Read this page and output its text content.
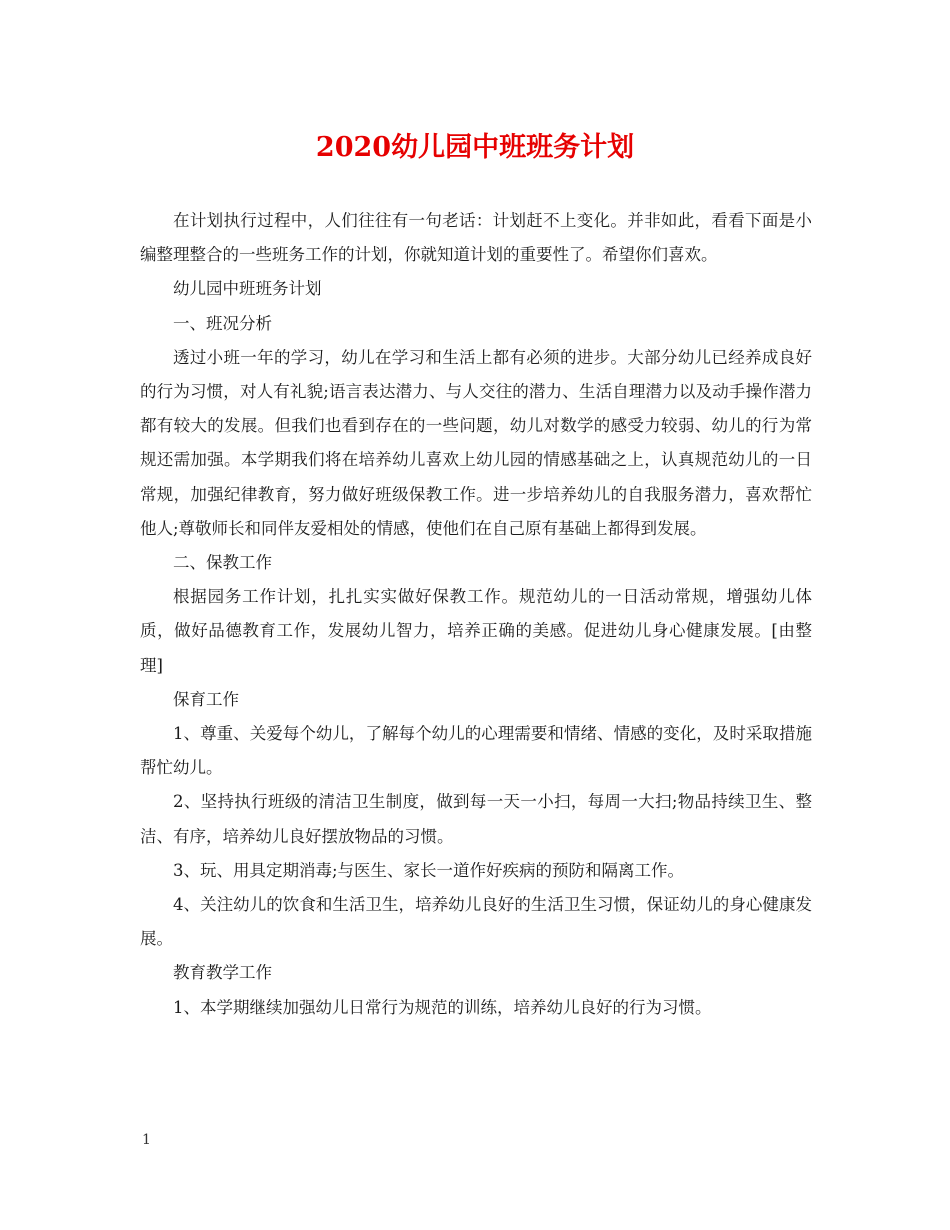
2020幼儿园中班班务计划

在计划执行过程中，人们往往有一句老话：计划赶不上变化。并非如此，看看下面是小编整理整合的一些班务工作的计划，你就知道计划的重要性了。希望你们喜欢。

幼儿园中班班务计划

一、班况分析

透过小班一年的学习，幼儿在学习和生活上都有必须的进步。大部分幼儿已经养成良好的行为习惯，对人有礼貌;语言表达潜力、与人交往的潜力、生活自理潜力以及动手操作潜力都有较大的发展。但我们也看到存在的一些问题，幼儿对数学的感受力较弱、幼儿的行为常规还需加强。本学期我们将在培养幼儿喜欢上幼儿园的情感基础之上，认真规范幼儿的一日常规，加强纪律教育，努力做好班级保教工作。进一步培养幼儿的自我服务潜力，喜欢帮忙他人;尊敬师长和同伴友爱相处的情感，使他们在自己原有基础上都得到发展。

二、保教工作

根据园务工作计划，扎扎实实做好保教工作。规范幼儿的一日活动常规，增强幼儿体质，做好品德教育工作，发展幼儿智力，培养正确的美感。促进幼儿身心健康发展。[由整理]

保育工作

1、尊重、关爱每个幼儿，了解每个幼儿的心理需要和情绪、情感的变化，及时采取措施帮忙幼儿。

2、坚持执行班级的清洁卫生制度，做到每一天一小扫，每周一大扫;物品持续卫生、整洁、有序，培养幼儿良好摆放物品的习惯。

3、玩、用具定期消毒;与医生、家长一道作好疾病的预防和隔离工作。

4、关注幼儿的饮食和生活卫生，培养幼儿良好的生活卫生习惯，保证幼儿的身心健康发展。

教育教学工作

1、本学期继续加强幼儿日常行为规范的训练，培养幼儿良好的行为习惯。

1
